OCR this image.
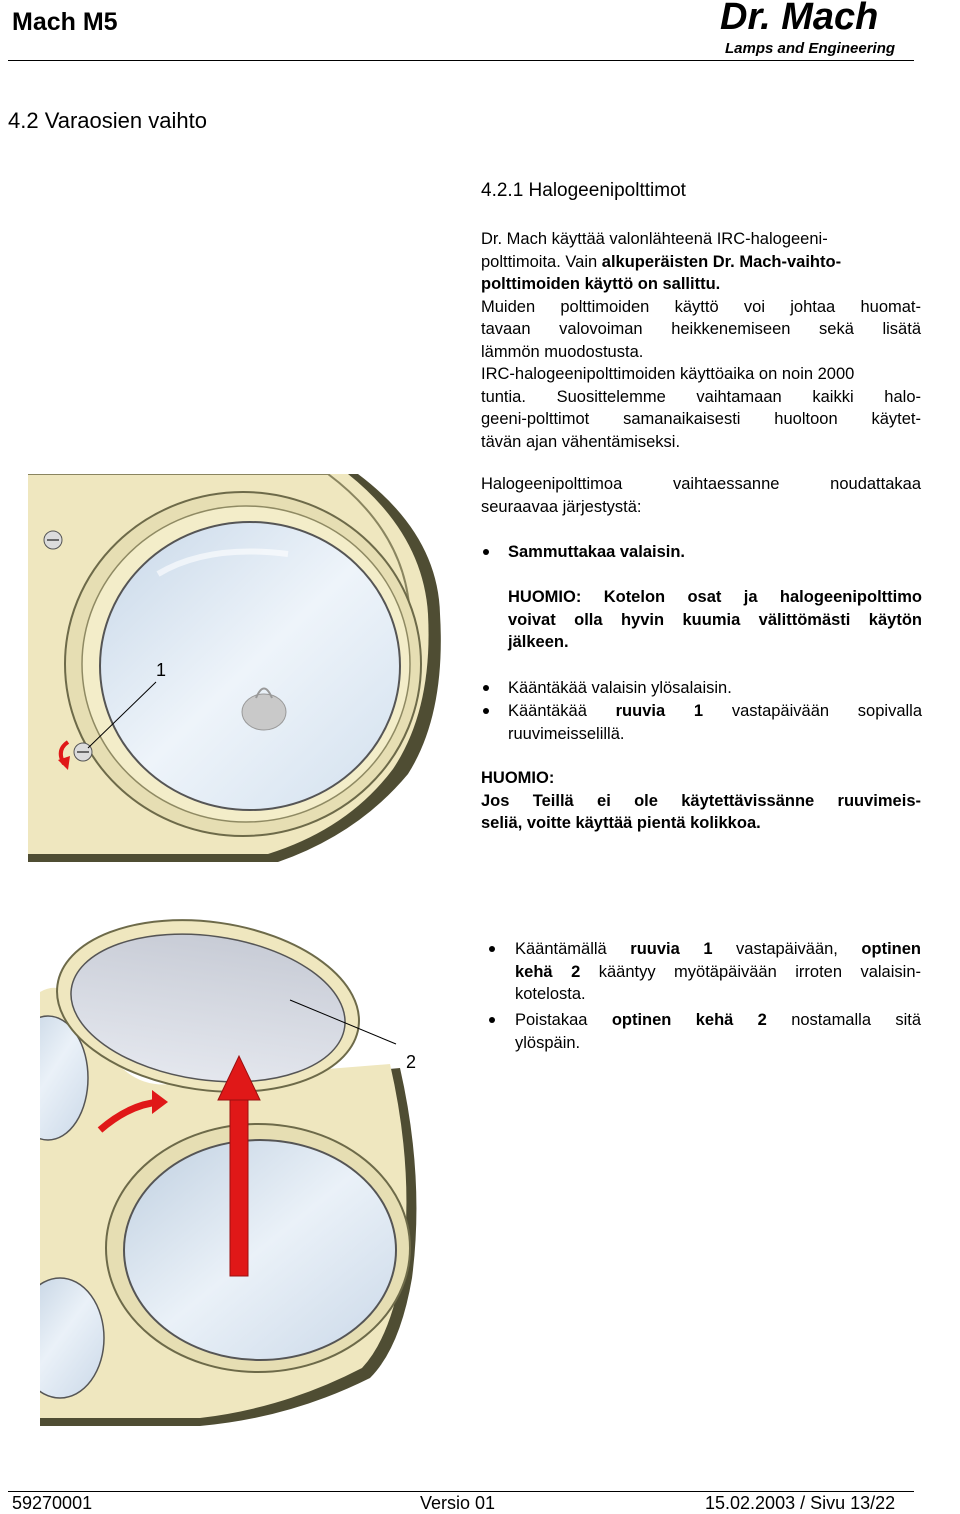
Mach M5	Dr. Mach
Lamps and Engineering
4.2 Varaosien vaihto
4.2.1 Halogeenipolttimot
Dr. Mach käyttää valonlähteenä IRC-halogeeni-
polttimoita. Vain alkuperäisten Dr. Mach-vaihto-
polttimoiden käyttö on sallittu.
Muiden polttimoiden käyttö voi johtaa huomat-
tavaan valovoiman heikkenemiseen sekä lisätä
lämmön muodostusta.
IRC-halogeenipolttimoiden käyttöaika on noin 2000
tuntia. Suosittelemme vaihtamaan kaikki halo-
geeni-polttimot samanaikaisesti huoltoon käytet-
tävän ajan vähentämiseksi.
Halogeenipolttimoa vaihtaessanne noudattakaa
seuraavaa järjestystä:
Sammuttakaa valaisin.
HUOMIO: Kotelon osat ja halogeenipolttimo
voivat olla hyvin kuumia välittömästi käytön
jälkeen.
Kääntäkää valaisin ylösalaisin.
Kääntäkää ruuvia 1 vastapäivään sopivalla
ruuvimeisselillä.
HUOMIO:
Jos Teillä ei ole käytettävissänne ruuvimeis-
seliä, voitte käyttää pientä kolikkoa.
Kääntämällä ruuvia 1 vastapäivään, optinen
kehä 2 kääntyy myötäpäivään irroten valaisin-
kotelosta.
Poistakaa optinen kehä 2 nostamalla sitä
ylöspäin.
1
2
59270001	Versio 01	15.02.2003 / Sivu 13/22
